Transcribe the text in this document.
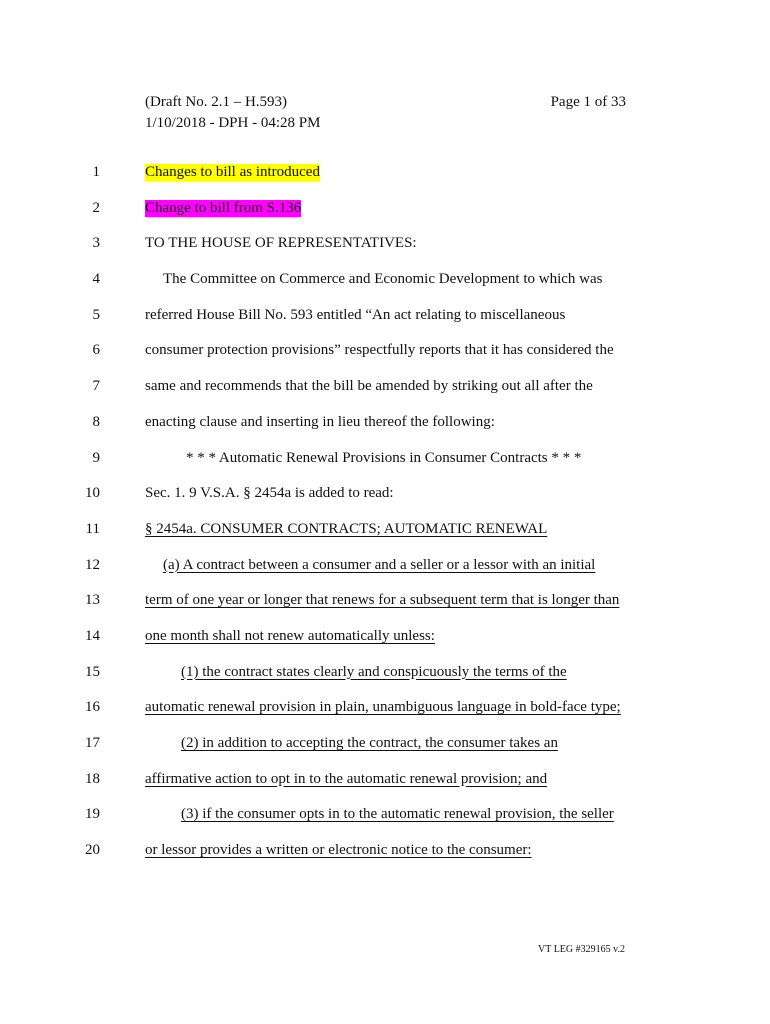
(Draft No. 2.1 – H.593)
1/10/2018 - DPH - 04:28 PM
Page 1 of 33
1	Changes to bill as introduced
2	Change to bill from S.136
3	TO THE HOUSE OF REPRESENTATIVES:
4	The Committee on Commerce and Economic Development to which was
5	referred House Bill No. 593 entitled “An act relating to miscellaneous
6	consumer protection provisions” respectfully reports that it has considered the
7	same and recommends that the bill be amended by striking out all after the
8	enacting clause and inserting in lieu thereof the following:
9	* * * Automatic Renewal Provisions in Consumer Contracts * * *
10	Sec. 1. 9 V.S.A. § 2454a is added to read:
11	§ 2454a. CONSUMER CONTRACTS; AUTOMATIC RENEWAL
12	(a) A contract between a consumer and a seller or a lessor with an initial
13	term of one year or longer that renews for a subsequent term that is longer than
14	one month shall not renew automatically unless:
15	(1) the contract states clearly and conspicuously the terms of the
16	automatic renewal provision in plain, unambiguous language in bold-face type;
17	(2) in addition to accepting the contract, the consumer takes an
18	affirmative action to opt in to the automatic renewal provision; and
19	(3) if the consumer opts in to the automatic renewal provision, the seller
20	or lessor provides a written or electronic notice to the consumer:
VT LEG #329165 v.2
